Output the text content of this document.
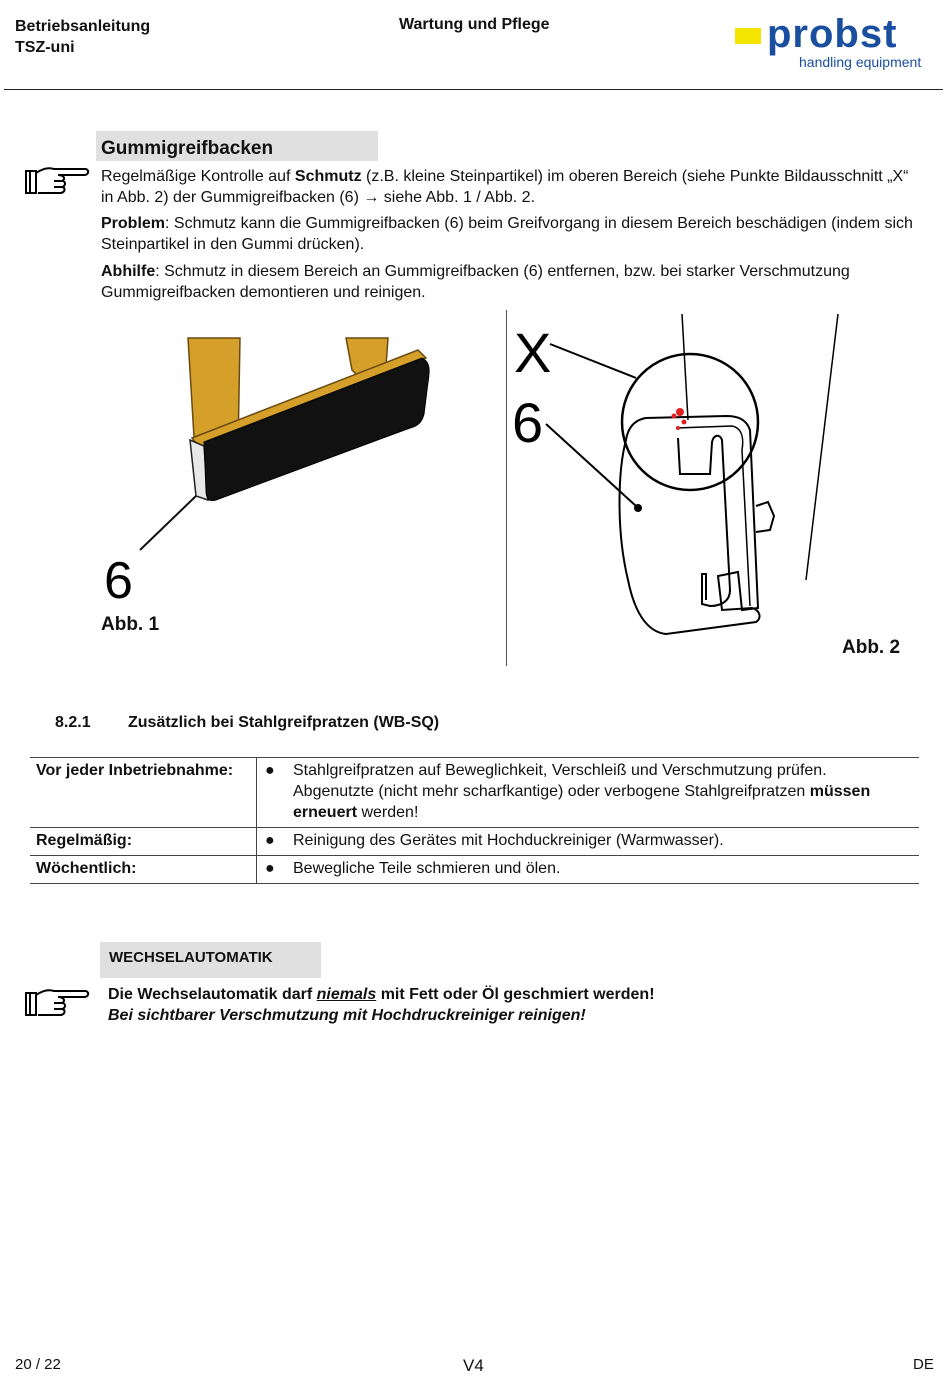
Betriebsanleitung
TSZ-uni
Wartung und Pflege	probst
handling equipment
Gummigreifbacken
Regelmäßige Kontrolle auf Schmutz (z.B. kleine Steinpartikel) im oberen Bereich (siehe Punkte Bildausschnitt „X“ in Abb. 2) der Gummigreifbacken (6) → siehe Abb. 1 / Abb. 2.
Problem: Schmutz kann die Gummigreifbacken (6) beim Greifvorgang in diesem Bereich beschädigen (indem sich Steinpartikel in den Gummi drücken).
Abhilfe: Schmutz in diesem Bereich an Gummigreifbacken (6) entfernen, bzw. bei starker Verschmutzung Gummigreifbacken demontieren und reinigen.
6
Abb. 1
X
6
Abb. 2
8.2.1 Zusätzlich bei Stahlgreifpratzen (WB-SQ)
Vor jeder Inbetriebnahme:	● Stahlgreifpratzen auf Beweglichkeit, Verschleiß und Verschmutzung prüfen. Abgenutzte (nicht mehr scharfkantige) oder verbogene Stahlgreifpratzen müssen erneuert werden!
Regelmäßig:	● Reinigung des Gerätes mit Hochduckreiniger (Warmwasser).
Wöchentlich:	● Bewegliche Teile schmieren und ölen.
WECHSELAUTOMATIK
Die Wechselautomatik darf niemals mit Fett oder Öl geschmiert werden!
Bei sichtbarer Verschmutzung mit Hochdruckreiniger reinigen!
20 / 22	V4	DE
